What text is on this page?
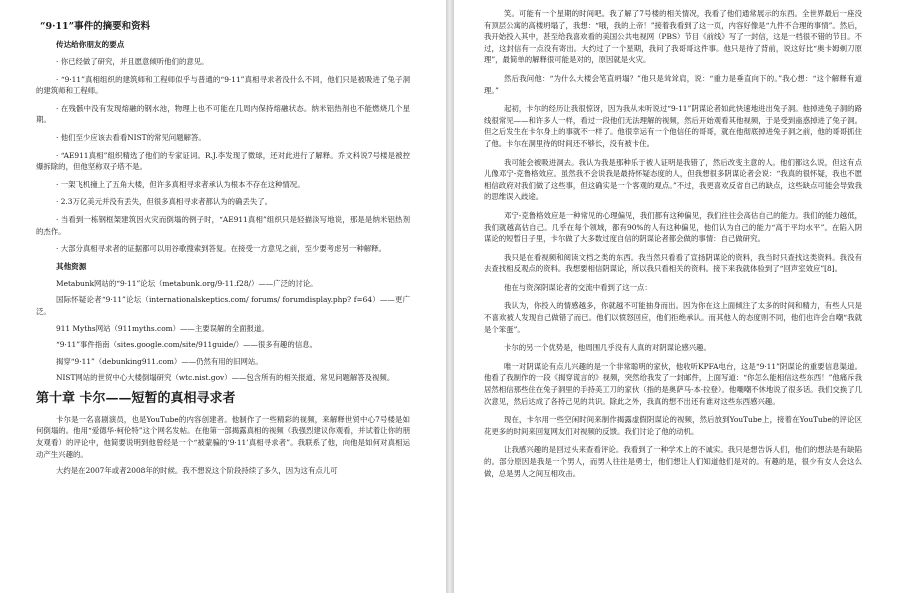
“9·11”事件的摘要和资料
传达给你朋友的要点

· 你已经做了研究，并且愿意倾听他们的意见。

· “9·11”真相组织的建筑师和工程师似乎与普通的“9·11”真相寻求者没什么不同，他们只是被吸进了兔子洞的建筑师和工程师。

· 在残骸中没有发现熔融的钢水池，物理上也不可能在几周内保持熔融状态。纳米铝热剂也不能燃烧几个星期。

· 他们至少应该去看看NIST的常见问题解答。

· “AE911真相”组织精选了他们的专家证词。R.J.李发现了微球，还对此进行了解释。乔文科说7号楼是被控爆拆除的，但他坚称双子塔不是。

· 一架飞机撞上了五角大楼，但许多真相寻求者承认为根本不存在这种情况。

· 2.3万亿美元并没有丢失，但很多真相寻求者都认为的确丢失了。

· 当看到一栋钢框架建筑因火灾而倒塌的例子时，“AE911真相”组织只是轻描淡写地说，那是是纳米铝热剂的杰作。

· 大部分真相寻求者的证据都可以用谷歌搜索到答复。在接受一方意见之前，至少要考虑另一种解释。

其他资源

Metabunk网站的“9·11”论坛（metabunk.org/9-11.f28/）——广泛的讨论。

国际怀疑论者“9·11”论坛（internationalskeptics.com/ forums/ forumdisplay.php? f=64）——更广泛。

911 Myths网站（911myths.com）——主要误解的全面报道。

“9·11”事件指南（sites.google.com/site/911guide/）——很多有趣的信息。

揭穿“9·11”（debunking911.com）——仍然有用的旧网站。

NIST网站的世贸中心大楼倒塌研究（wtc.nist.gov）——包含所有的相关报道、常见问题解答及视频。

第十章 卡尔——短暂的真相寻求者

卡尔是一名喜剧演员，也是YouTube的内容创建者。他制作了一些精彩的视频，来解释世贸中心7号楼是如何倒塌的。他用“爱德华·柯伦特”这个网名发帖。在他第一部揭露真相的视频（我强烈建议你观看，并试着让你的朋友观看）的评论中，他简要说明到他曾经是一个“被蒙骗的‘9·11’真相寻求者”。我联系了他，向他是如何对真相运动产生兴趣的。

大约是在2007年或者2008年的时候。我不想说这个阶段持续了多久，因为这有点儿可

笑。可能有一个星期的时间吧。我了解了7号楼的相关情况，我看了他们通常展示的东西。全世界最后一座没有顶层公寓的高楼坍塌了，我想：“哦，我的上帝！”接着我看到了这一页，内容好像是“九件不合理的事情”。然后，我开始投入其中，甚至给我喜欢看的美国公共电视网（PBS）节目《前线》写了一封信，这是一档很不错的节目。不过，这封信有一点没有寄出。大约过了一个星期，我问了我哥哥这件事。他只是待了背前，说这好比“奥卡姆剃刀原理”，最简单的解释很可能是对的，原因就是火灾。

然后我问他：“为什么大楼会笔直坍塌？”他只是耸耸肩，说：“重力是垂直向下的。”我心想：“这个解释有道理。”

起初，卡尔的经历让我很惊讶，因为我从未听说过“9·11”阴谋论者如此快速地进出兔子洞。他掉进兔子洞的路线很常见——和许多人一样，看过一段他们无法理解的视频，然后开始观看其他视频，于是受到蛊惑掉进了兔子洞。但之后发生在卡尔身上的事就不一样了。他很幸运有一个他信任的哥哥，就在他彻底掉进兔子洞之前，他的哥哥抓住了他。卡尔在洞里待的时间还不够长，没有被卡住。

我可能会被吸进洞去。我认为我是那种乐于被人证明是我错了，然后改变主意的人。他们都这么说，但这有点儿像邓宁-克鲁格效应。虽然我不会说我是最持怀疑态度的人，但我想很多阴谋论者会说：“我真的很怀疑，我也不愿相信政府对我们做了这些事，但这确实是一个客观的观点。”不过，我更喜欢反省自己的缺点，这些缺点可能会导致我的思维误入歧途。

邓宁-克鲁格效应是一种常见的心理偏见，我们都有这种偏见，我们往往会高估自己的能力。我们的能力越低，我们就越高估自己。几乎在每个领域，都有90%的人有这种偏见，他们认为自己的能力“高于平均水平”。在陷入阴谋论的短暂日子里，卡尔做了大多数过度自信的阴谋论者都会做的事情：自己做研究。

我只是在看视频和阅读文档之类的东西。我当然只看看了宣扬阴谋论的资料，我当时只查找这类资料。我没有去查找相反观点的资料。我想要相信阴谋论，所以我只看相关的资料。接下来我就体验到了“回声室效应”[8]。

他在与资深阴谋论者的交流中看到了这一点：

我认为，你投入的情感越多，你就越不可能抽身而出。因为你在这上面倾注了太多的时间和精力，有些人只是不喜欢被人发现自己做错了而已。他们以愤怒回应，他们拒绝承认。而其他人的态度则不同，他们也许会自嘲“我就是个笨蛋”。

卡尔的另一个优势是，他周围几乎没有人真的对阴谋论感兴趣。

唯一对阴谋论有点儿兴趣的是一个非常聪明的家伙，他收听KPFA电台，这是“9·11”阴谋论的重要信息渠道。他看了我制作的一段《揭穿谎言的》视频，突然给我发了一封邮件，上面写道：“你怎么能相信这些东西！”他痛斥我居然相信那些住在兔子洞里的手持美工刀的家伙（指的是奥萨马·本·拉登）。他嘲嘲不休地说了很多话。我们交换了几次意见，然后达成了各持己见的共识。除此之外，我真的想不出还有谁对这些东西感兴趣。

现在，卡尔用一些空闲时间来制作揭露虚假阴谋论的视频，然后放到YouTube上，接着在YouTube的评论区花更多的时间来回复网友们对视频的反馈。我们讨论了他的动机。

让我感兴趣的是回过头来查看评论。我看到了一种学术上的不诚实。我只是想告诉人们，他们的想法是有缺陷的。部分原因是我是一个男人，而男人往往是勇士，他们想让人们知道他们是对的。有趣的是，很少有女人会这么做，总是男人之间互相攻击。
